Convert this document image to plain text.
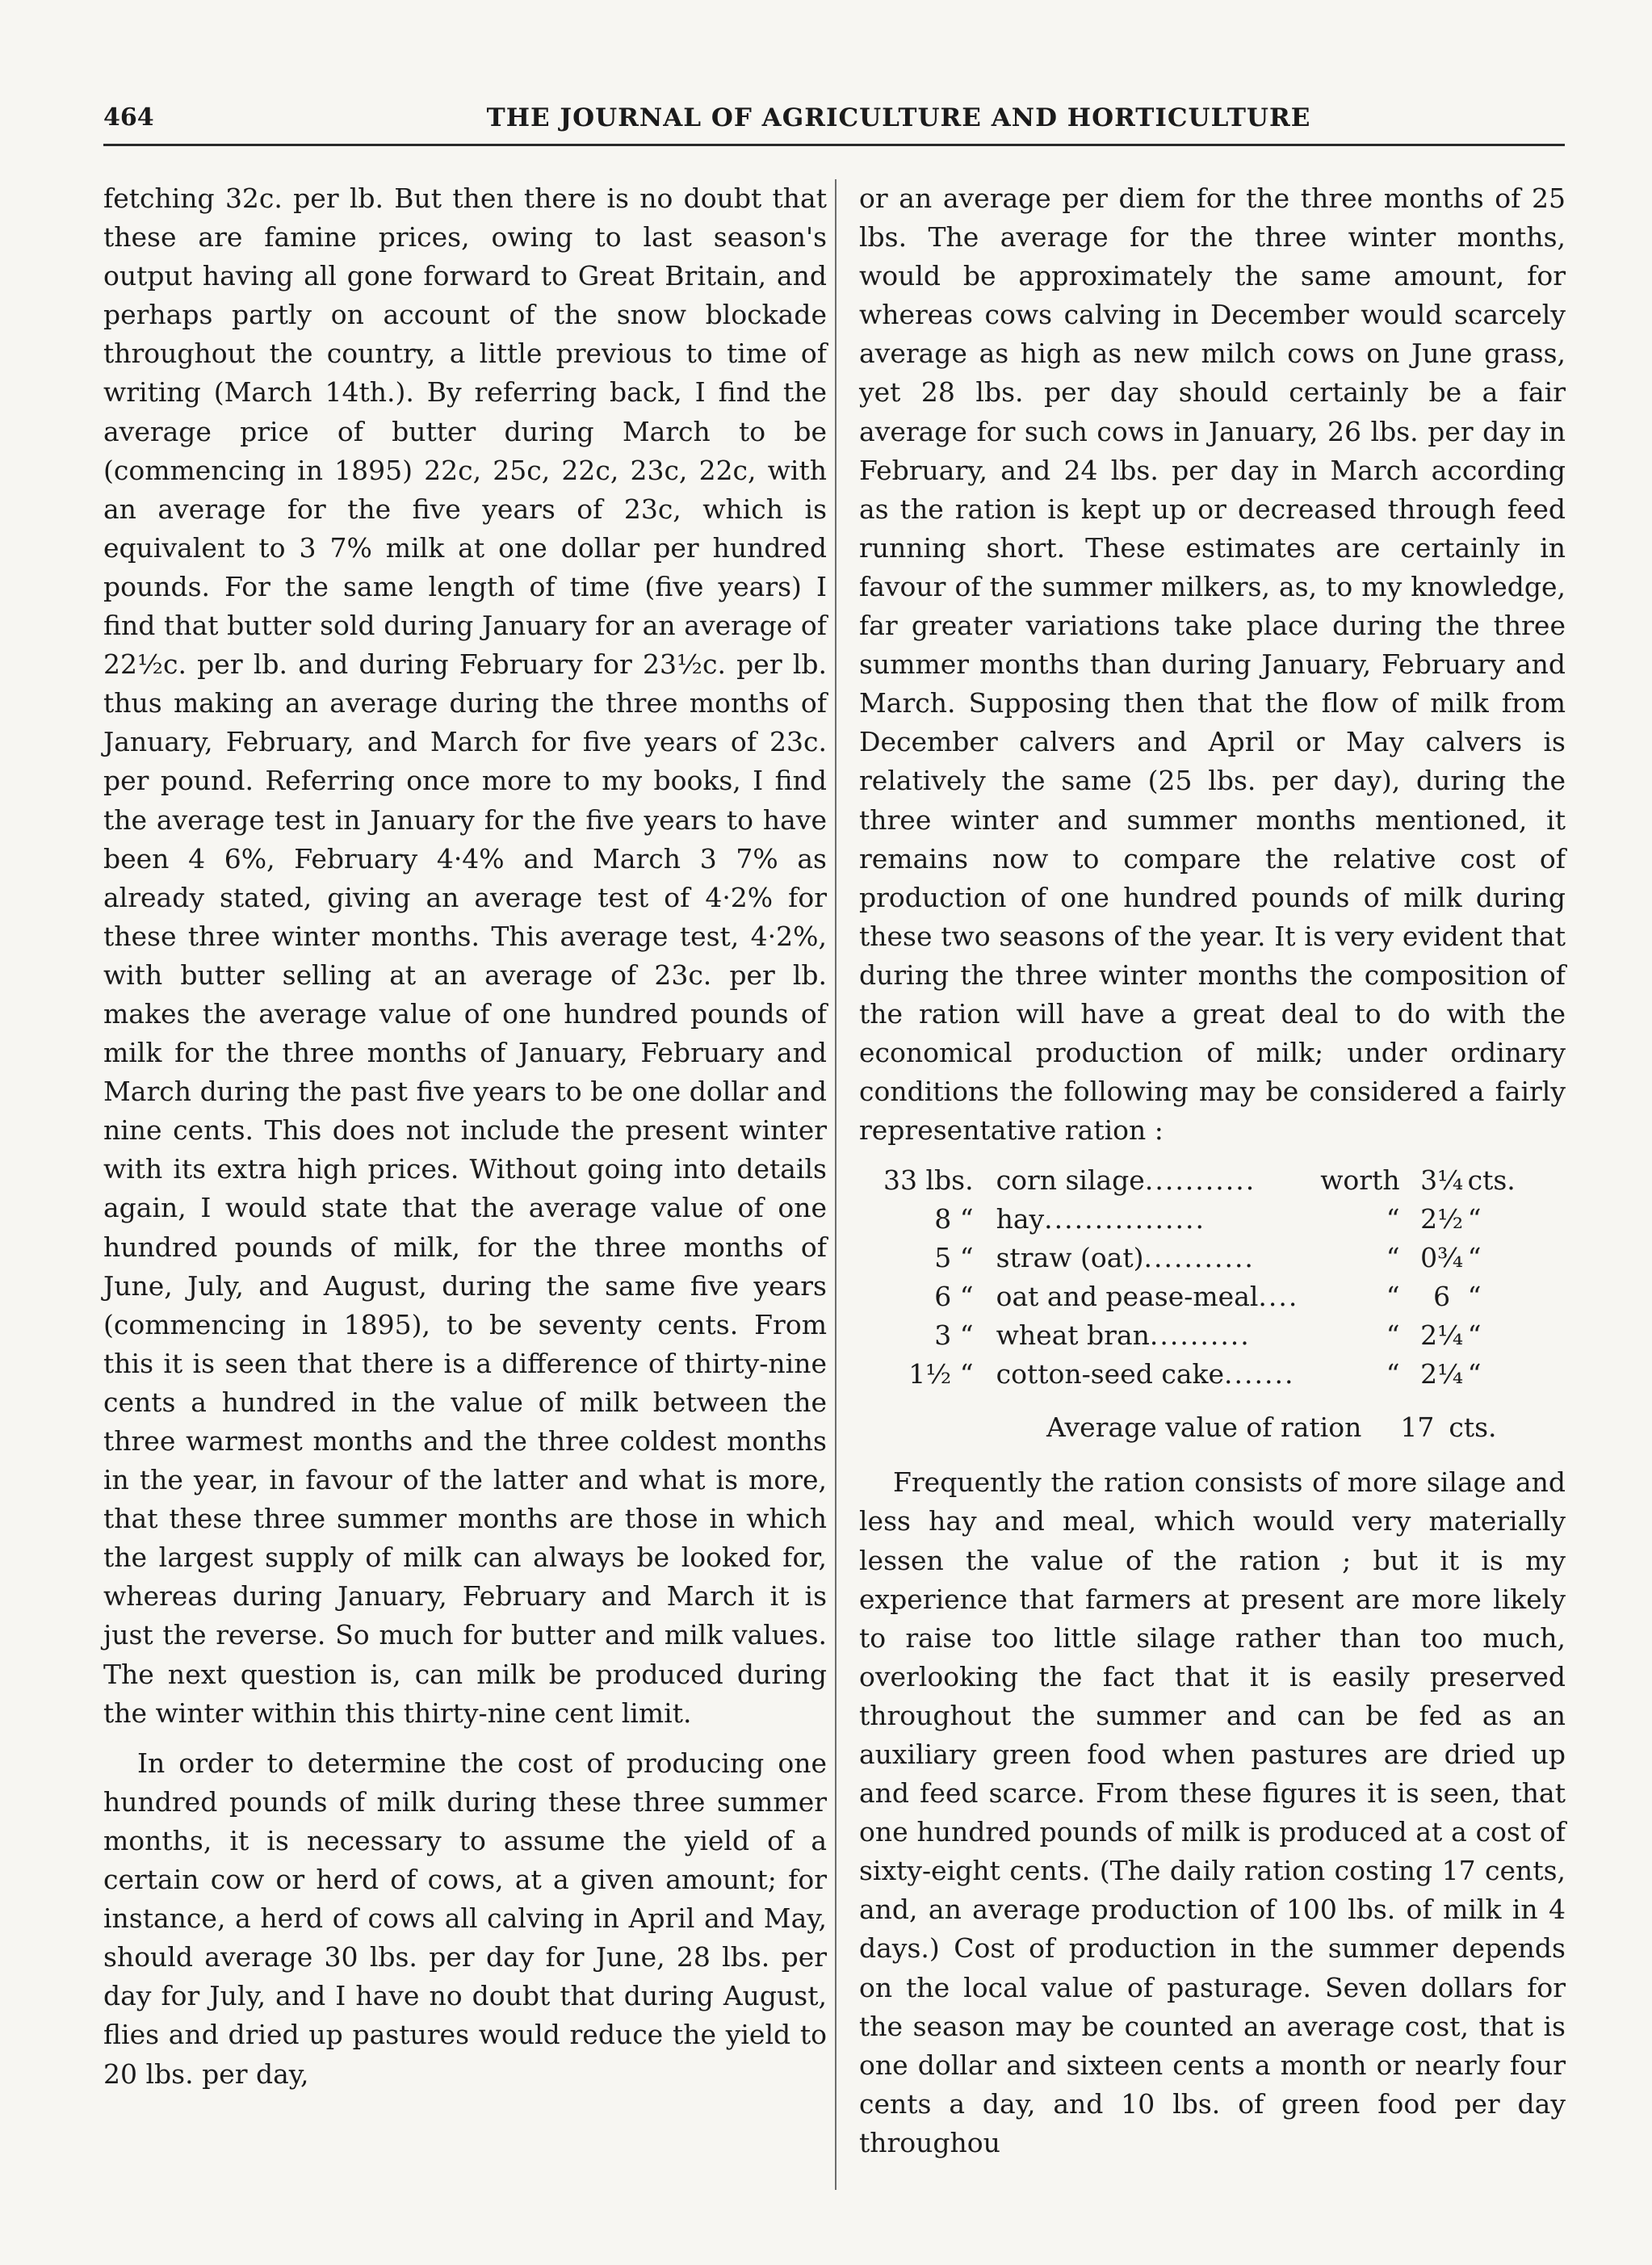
464	THE JOURNAL OF AGRICULTURE AND HORTICULTURE

fetching 32c. per lb. But then there is no doubt that these are famine prices, owing to last season's output having all gone forward to Great Britain, and perhaps partly on account of the snow blockade throughout the country, a little previous to time of writing (March 14th.). By referring back, I find the average price of butter during March to be (commencing in 1895) 22c, 25c, 22c, 23c, 22c, with an average for the five years of 23c, which is equivalent to 3 7% milk at one dollar per hundred pounds. For the same length of time (five years) I find that butter sold during January for an average of 22½c. per lb. and during February for 23½c. per lb. thus making an average during the three months of January, February, and March for five years of 23c. per pound. Referring once more to my books, I find the average test in January for the five years to have been 4 6%, February 4·4% and March 3 7% as already stated, giving an average test of 4·2% for these three winter months. This average test, 4·2%, with butter selling at an average of 23c. per lb. makes the average value of one hundred pounds of milk for the three months of January, February and March during the past five years to be one dollar and nine cents. This does not include the present winter with its extra high prices. Without going into details again, I would state that the average value of one hundred pounds of milk, for the three months of June, July, and August, during the same five years (commencing in 1895), to be seventy cents. From this it is seen that there is a difference of thirty-nine cents a hundred in the value of milk between the three warmest months and the three coldest months in the year, in favour of the latter and what is more, that these three summer months are those in which the largest supply of milk can always be looked for, whereas during January, February and March it is just the reverse. So much for butter and milk values. The next question is, can milk be produced during the winter within this thirty-nine cent limit.

In order to determine the cost of producing one hundred pounds of milk during these three summer months, it is necessary to assume the yield of a certain cow or herd of cows, at a given amount; for instance, a herd of cows all calving in April and May, should average 30 lbs. per day for June, 28 lbs. per day for July, and I have no doubt that during August, flies and dried up pastures would reduce the yield to 20 lbs. per day,

or an average per diem for the three months of 25 lbs. The average for the three winter months, would be approximately the same amount, for whereas cows calving in December would scarcely average as high as new milch cows on June grass, yet 28 lbs. per day should certainly be a fair average for such cows in January, 26 lbs. per day in February, and 24 lbs. per day in March according as the ration is kept up or decreased through feed running short. These estimates are certainly in favour of the summer milkers, as, to my knowledge, far greater variations take place during the three summer months than during January, February and March. Supposing then that the flow of milk from December calvers and April or May calvers is relatively the same (25 lbs. per day), during the three winter and summer months mentioned, it remains now to compare the relative cost of production of one hundred pounds of milk during these two seasons of the year. It is very evident that during the three winter months the composition of the ration will have a great deal to do with the economical production of milk; under ordinary conditions the following may be considered a fairly representative ration :

33 lbs.	corn silage...........	worth	3¼	cts.
8 “	hay................	“	2½	“
5 “	straw (oat)...........	“	0¾	“
6 “	oat and pease-meal....	“	6	“
3 “	wheat bran..........	“	2¼	“
1½ “	cotton-seed cake.......	“	2¼	“
Average value of ration 17 cts.

Frequently the ration consists of more silage and less hay and meal, which would very materially lessen the value of the ration ; but it is my experience that farmers at present are more likely to raise too little silage rather than too much, overlooking the fact that it is easily preserved throughout the summer and can be fed as an auxiliary green food when pastures are dried up and feed scarce. From these figures it is seen, that one hundred pounds of milk is produced at a cost of sixty-eight cents. (The daily ration costing 17 cents, and, an average production of 100 lbs. of milk in 4 days.) Cost of production in the summer depends on the local value of pasturage. Seven dollars for the season may be counted an average cost, that is one dollar and sixteen cents a month or nearly four cents a day, and 10 lbs. of green food per day throughou
